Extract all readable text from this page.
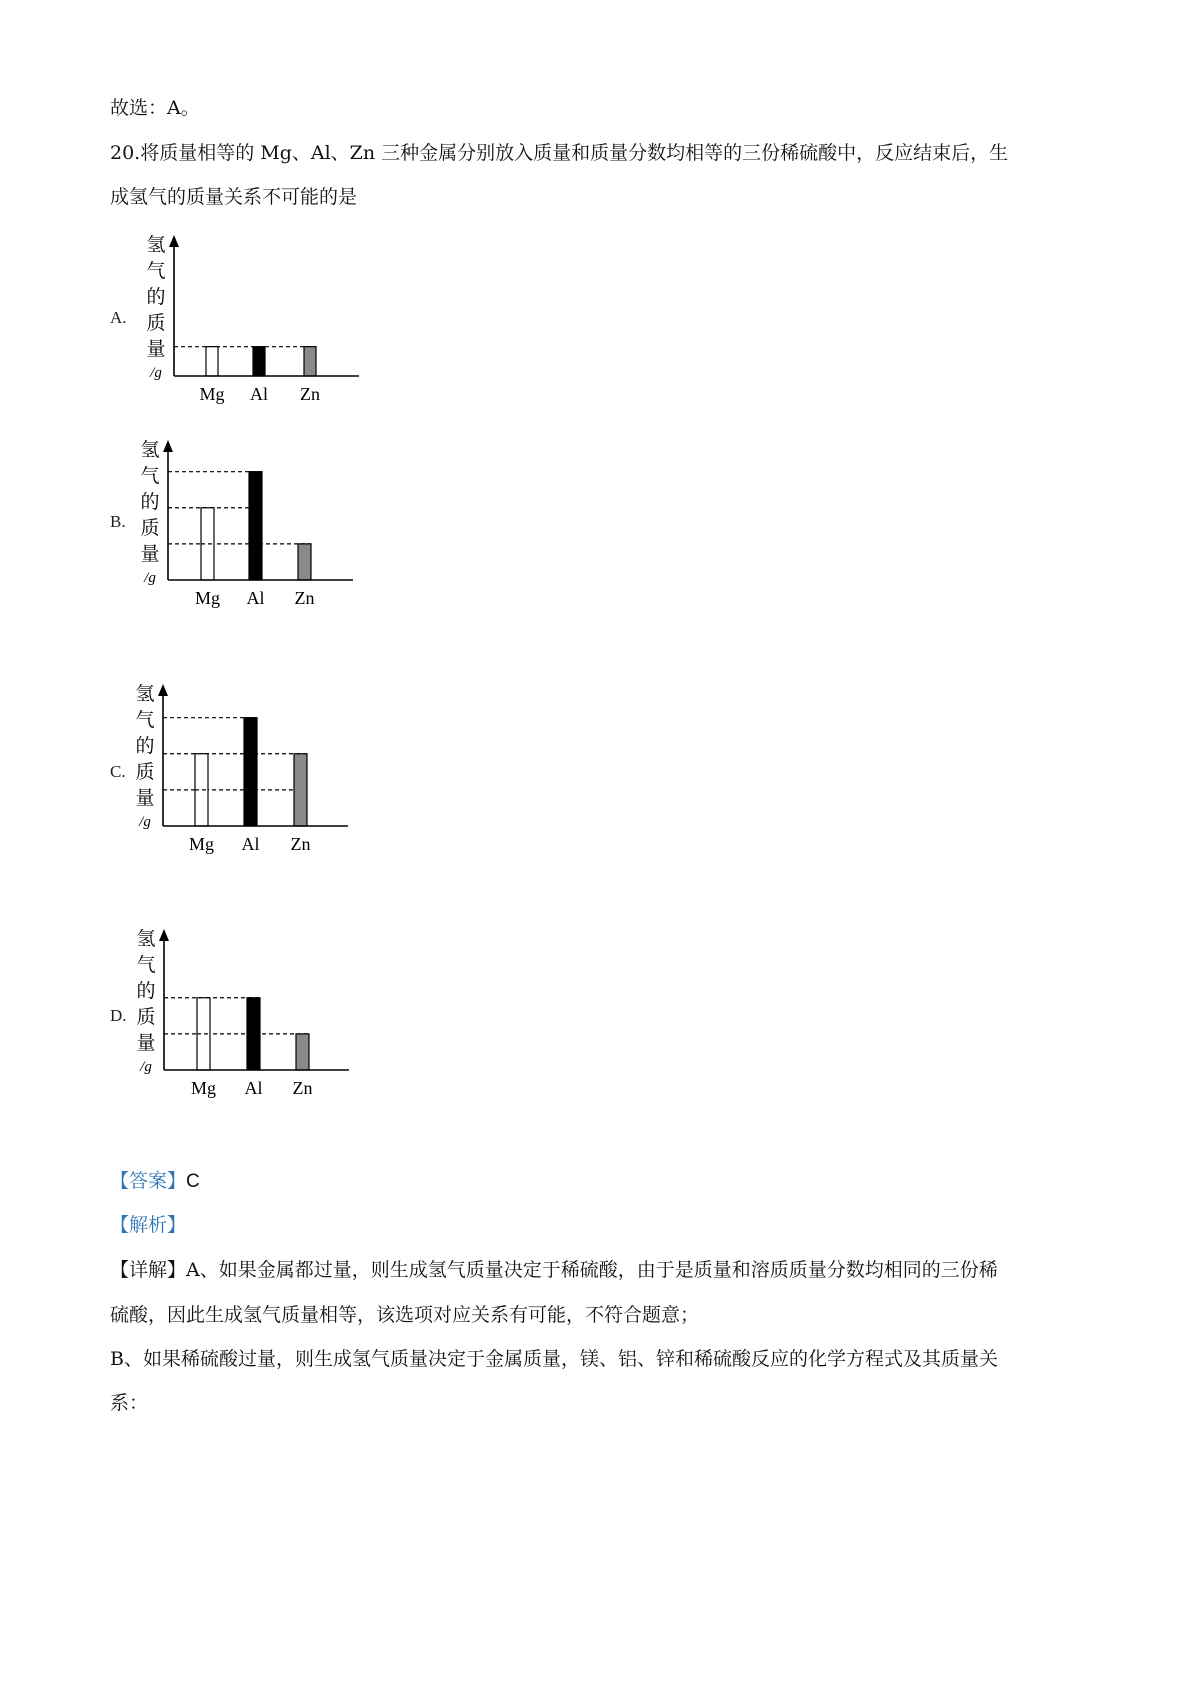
故选：A。
20.将质量相等的 Mg、Al、Zn 三种金属分别放入质量和质量分数均相等的三份稀硫酸中，反应结束后，生
成氢气的质量关系不可能的是
A.
氢
气
的
质
量
/g
Mg Al Zn
B.
氢
气
的
质
量
/g
Mg Al Zn
C.
氢
气
的
质
量
/g
Mg Al Zn
D.
氢
气
的
质
量
/g
Mg Al Zn
【答案】C
【解析】
【详解】A、如果金属都过量，则生成氢气质量决定于稀硫酸，由于是质量和溶质质量分数均相同的三份稀
硫酸，因此生成氢气质量相等，该选项对应关系有可能，不符合题意；
B、如果稀硫酸过量，则生成氢气质量决定于金属质量，镁、铝、锌和稀硫酸反应的化学方程式及其质量关
系：
